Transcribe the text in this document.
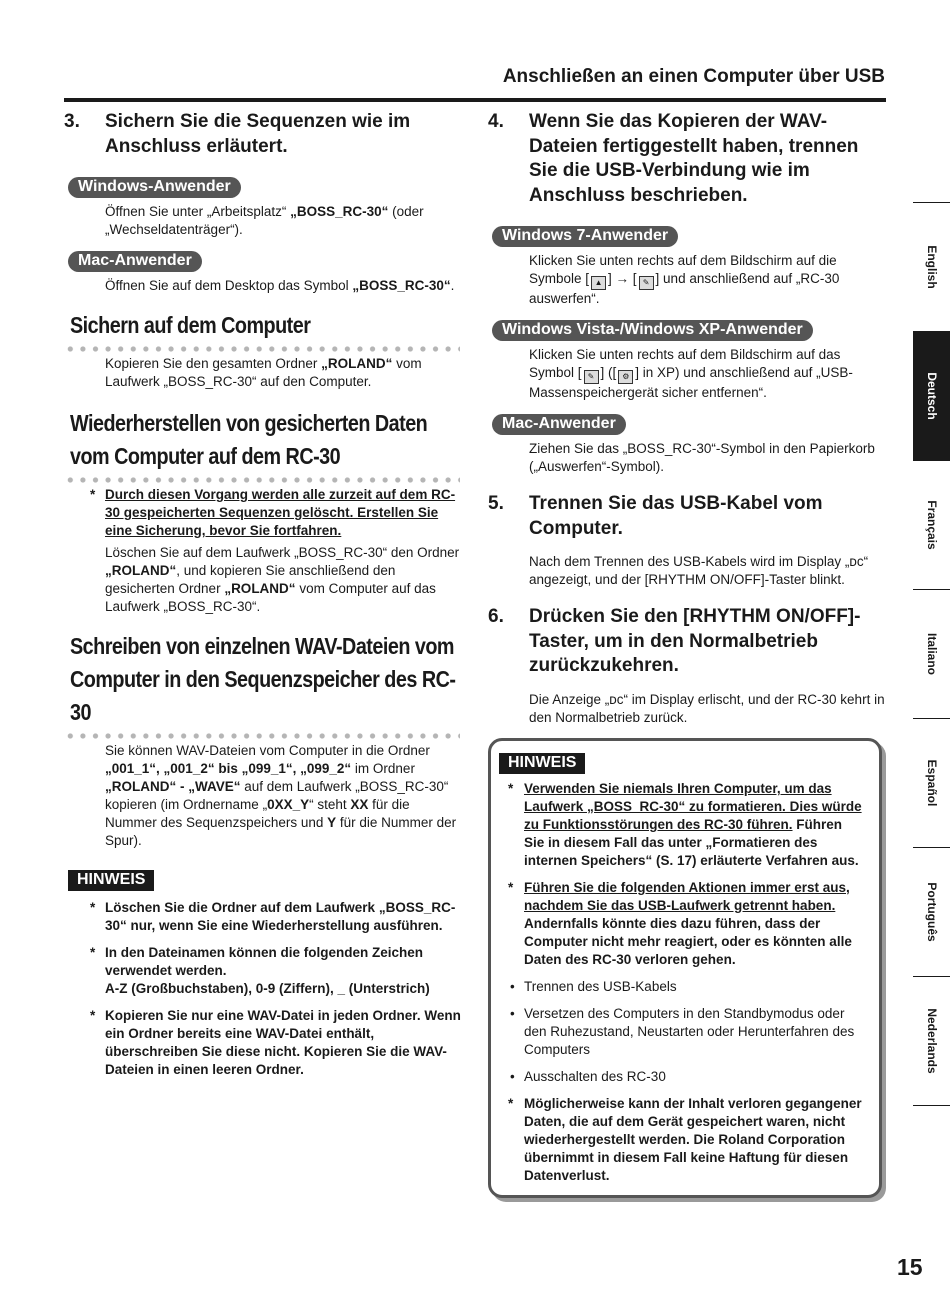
Anschließen an einen Computer über USB
3. Sichern Sie die Sequenzen wie im Anschluss erläutert.
Windows-Anwender
Öffnen Sie unter „Arbeitsplatz“ „BOSS_RC-30“ (oder „Wechseldatenträger“).
Mac-Anwender
Öffnen Sie auf dem Desktop das Symbol „BOSS_RC-30“.
Sichern auf dem Computer
Kopieren Sie den gesamten Ordner „ROLAND“ vom Laufwerk „BOSS_RC-30“ auf den Computer.
Wiederherstellen von gesicherten Daten vom Computer auf dem RC-30
* Durch diesen Vorgang werden alle zurzeit auf dem RC-30 gespeicherten Sequenzen gelöscht. Erstellen Sie eine Sicherung, bevor Sie fortfahren.
Löschen Sie auf dem Laufwerk „BOSS_RC-30“ den Ordner „ROLAND“, und kopieren Sie anschließend den gesicherten Ordner „ROLAND“ vom Computer auf das Laufwerk „BOSS_RC-30“.
Schreiben von einzelnen WAV-Dateien vom Computer in den Sequenzspeicher des RC-30
Sie können WAV-Dateien vom Computer in die Ordner „001_1“, „001_2“ bis „099_1“, „099_2“ im Ordner „ROLAND“ - „WAVE“ auf dem Laufwerk „BOSS_RC-30“ kopieren (im Ordnername „0XX_Y“ steht XX für die Nummer des Sequenzspeichers und Y für die Nummer der Spur).
HINWEIS
* Löschen Sie die Ordner auf dem Laufwerk „BOSS_RC-30“ nur, wenn Sie eine Wiederherstellung ausführen.
* In den Dateinamen können die folgenden Zeichen verwendet werden.
A-Z (Großbuchstaben), 0-9 (Ziffern), _ (Unterstrich)
* Kopieren Sie nur eine WAV-Datei in jeden Ordner. Wenn ein Ordner bereits eine WAV-Datei enthält, überschreiben Sie diese nicht. Kopieren Sie die WAV-Dateien in einen leeren Ordner.
4. Wenn Sie das Kopieren der WAV-Dateien fertiggestellt haben, trennen Sie die USB-Verbindung wie im Anschluss beschrieben.
Windows 7-Anwender
Klicken Sie unten rechts auf dem Bildschirm auf die Symbole [ ▲ ] → [ ✎ ] und anschließend auf „RC-30 auswerfen“.
Windows Vista-/Windows XP-Anwender
Klicken Sie unten rechts auf dem Bildschirm auf das Symbol [ ✎ ] ([ ⚙ ] in XP) und anschließend auf „USB-Massenspeichergerät sicher entfernen“.
Mac-Anwender
Ziehen Sie das „BOSS_RC-30“-Symbol in den Papierkorb („Auswerfen“-Symbol).
5. Trennen Sie das USB-Kabel vom Computer.
Nach dem Trennen des USB-Kabels wird im Display „ᴅᴄ“ angezeigt, und der [RHYTHM ON/OFF]-Taster blinkt.
6. Drücken Sie den [RHYTHM ON/OFF]-Taster, um in den Normalbetrieb zurückzukehren.
Die Anzeige „ᴅᴄ“ im Display erlischt, und der RC-30 kehrt in den Normalbetrieb zurück.
HINWEIS
* Verwenden Sie niemals Ihren Computer, um das Laufwerk „BOSS_RC-30“ zu formatieren. Dies würde zu Funktionsstörungen des RC-30 führen. Führen Sie in diesem Fall das unter „Formatieren des internen Speichers“ (S. 17) erläuterte Verfahren aus.
* Führen Sie die folgenden Aktionen immer erst aus, nachdem Sie das USB-Laufwerk getrennt haben. Andernfalls könnte dies dazu führen, dass der Computer nicht mehr reagiert, oder es könnten alle Daten des RC-30 verloren gehen.
• Trennen des USB-Kabels
• Versetzen des Computers in den Standbymodus oder den Ruhezustand, Neustarten oder Herunterfahren des Computers
• Ausschalten des RC-30
* Möglicherweise kann der Inhalt verloren gegangener Daten, die auf dem Gerät gespeichert waren, nicht wiederhergestellt werden. Die Roland Corporation übernimmt in diesem Fall keine Haftung für diesen Datenverlust.
English
Deutsch
Français
Italiano
Español
Português
Nederlands
15
